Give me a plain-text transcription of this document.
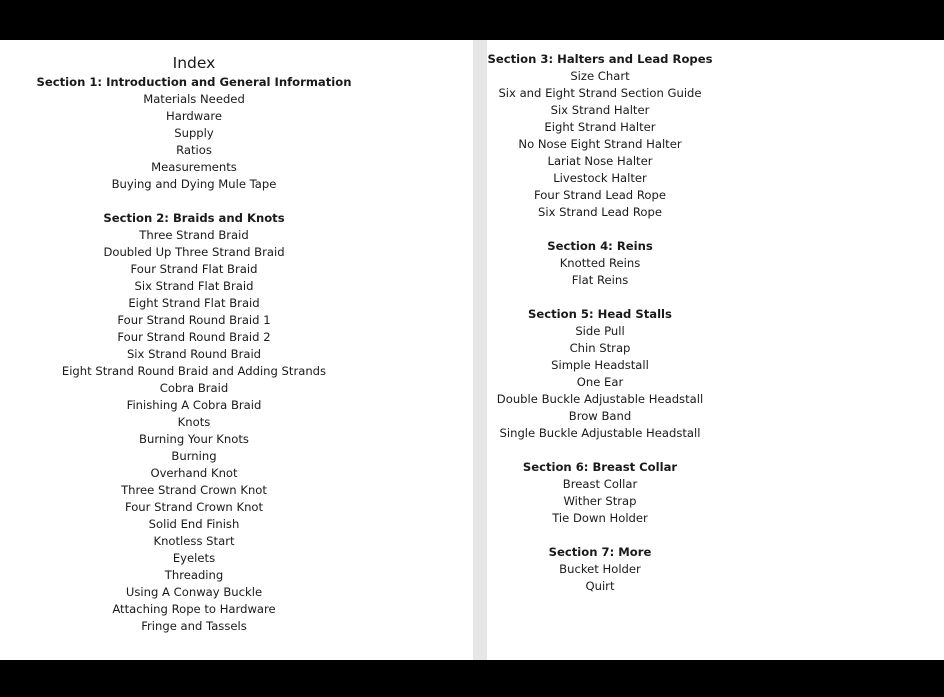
Index
Section 1: Introduction and General Information
Materials Needed
Hardware
Supply
Ratios
Measurements
Buying and Dying Mule Tape
Section 2: Braids and Knots
Three Strand Braid
Doubled Up Three Strand Braid
Four Strand Flat Braid
Six Strand Flat Braid
Eight Strand Flat Braid
Four Strand Round Braid 1
Four Strand Round Braid 2
Six Strand Round Braid
Eight Strand Round Braid and Adding Strands
Cobra Braid
Finishing A Cobra Braid
Knots
Burning Your Knots
Burning
Overhand Knot
Three Strand Crown Knot
Four Strand Crown Knot
Solid End Finish
Knotless Start
Eyelets
Threading
Using A Conway Buckle
Attaching Rope to Hardware
Fringe and Tassels
Section 3: Halters and Lead Ropes
Size Chart
Six and Eight Strand Section Guide
Six Strand Halter
Eight Strand Halter
No Nose Eight Strand Halter
Lariat Nose Halter
Livestock Halter
Four Strand Lead Rope
Six Strand Lead Rope
Section 4: Reins
Knotted Reins
Flat Reins
Section 5: Head Stalls
Side Pull
Chin Strap
Simple Headstall
One Ear
Double Buckle Adjustable Headstall
Brow Band
Single Buckle Adjustable Headstall
Section 6: Breast Collar
Breast Collar
Wither Strap
Tie Down Holder
Section 7: More
Bucket Holder
Quirt
